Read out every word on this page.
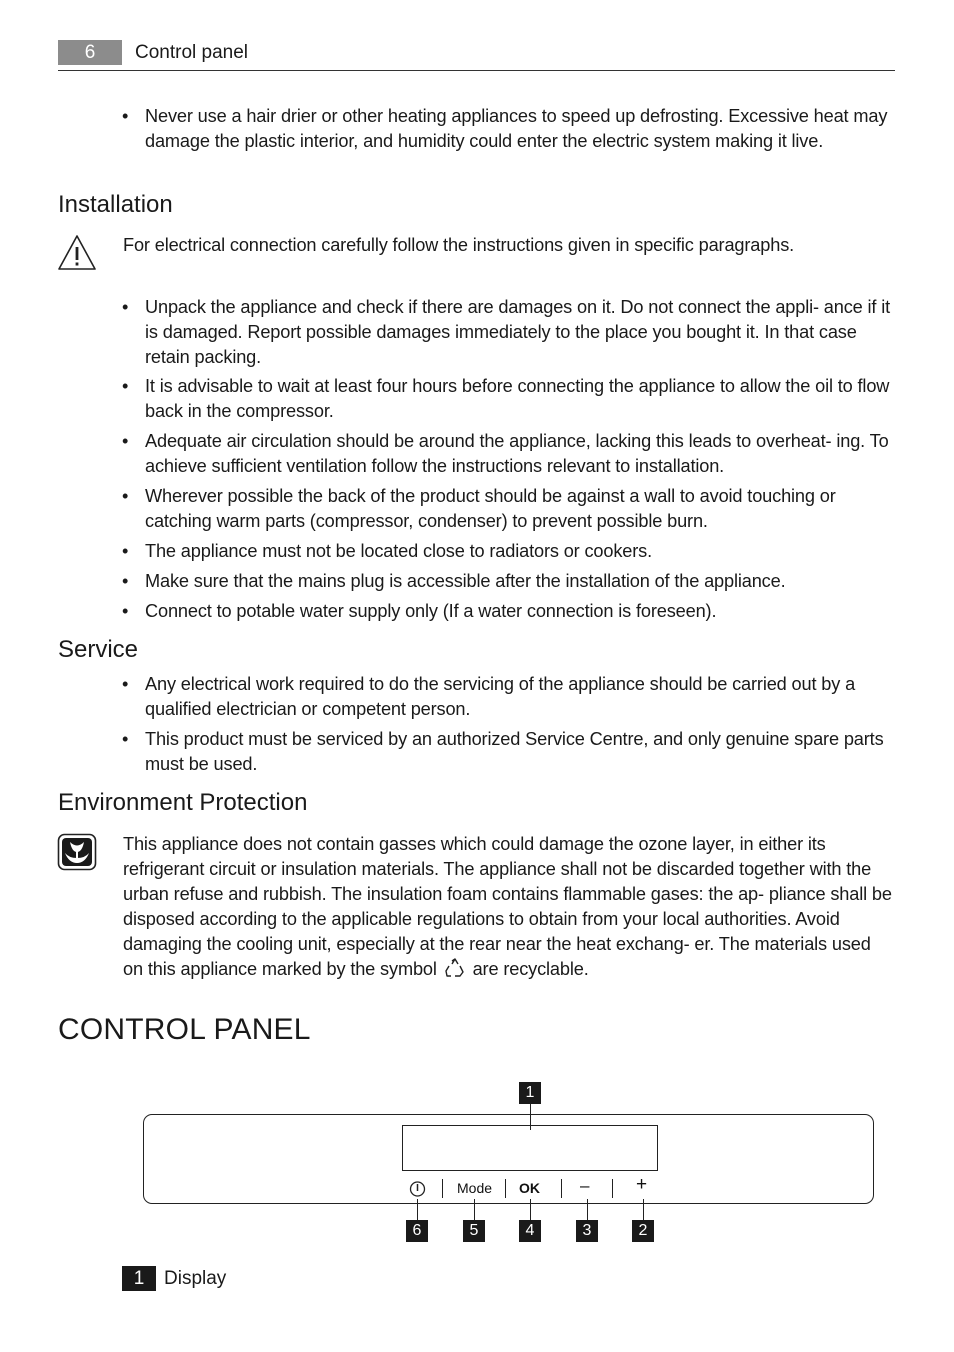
6	Control panel
• Never use a hair drier or other heating appliances to speed up defrosting. Excessive heat may damage the plastic interior, and humidity could enter the electric system making it live.
Installation
For electrical connection carefully follow the instructions given in specific paragraphs.
• Unpack the appliance and check if there are damages on it. Do not connect the appli- ance if it is damaged. Report possible damages immediately to the place you bought it. In that case retain packing.
• It is advisable to wait at least four hours before connecting the appliance to allow the oil to flow back in the compressor.
• Adequate air circulation should be around the appliance, lacking this leads to overheat- ing. To achieve sufficient ventilation follow the instructions relevant to installation.
• Wherever possible the back of the product should be against a wall to avoid touching or catching warm parts (compressor, condenser) to prevent possible burn.
• The appliance must not be located close to radiators or cookers.
• Make sure that the mains plug is accessible after the installation of the appliance.
• Connect to potable water supply only (If a water connection is foreseen).
Service
• Any electrical work required to do the servicing of the appliance should be carried out by a qualified electrician or competent person.
• This product must be serviced by an authorized Service Centre, and only genuine spare parts must be used.
Environment Protection
This appliance does not contain gasses which could damage the ozone layer, in either its refrigerant circuit or insulation materials. The appliance shall not be discarded together with the urban refuse and rubbish. The insulation foam contains flammable gases: the ap- pliance shall be disposed according to the applicable regulations to obtain from your local authorities. Avoid damaging the cooling unit, especially at the rear near the heat exchang- er. The materials used on this appliance marked by the symbol are recyclable.
CONTROL PANEL
1
Mode OK – +
6	5	4	3	2
1	Display
